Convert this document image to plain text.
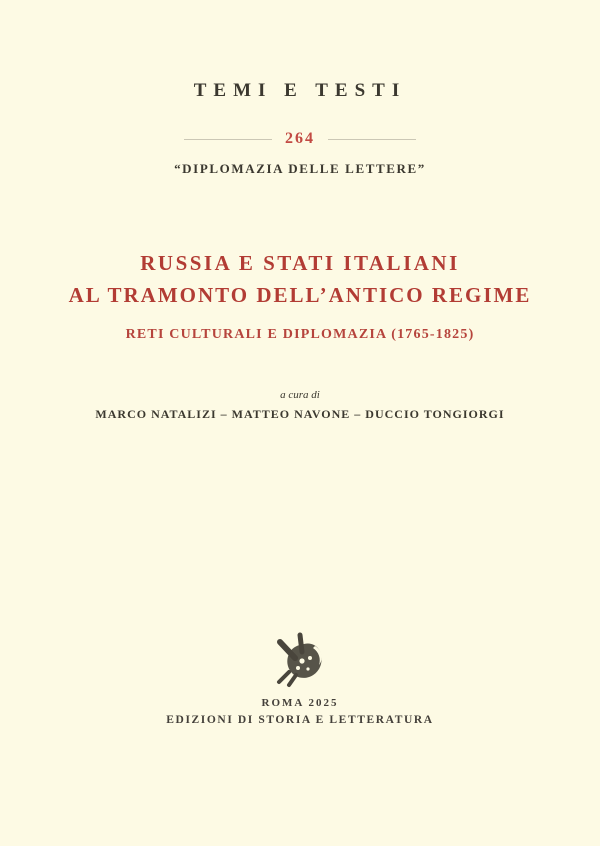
TEMI E TESTI
264
“DIPLOMAZIA DELLE LETTERE”
RUSSIA E STATI ITALIANI
AL TRAMONTO DELL’ANTICO REGIME
RETI CULTURALI E DIPLOMAZIA (1765-1825)
a cura di
MARCO NATALIZI – MATTEO NAVONE – DUCCIO TONGIORGI
ROMA 2025
EDIZIONI DI STORIA E LETTERATURA
